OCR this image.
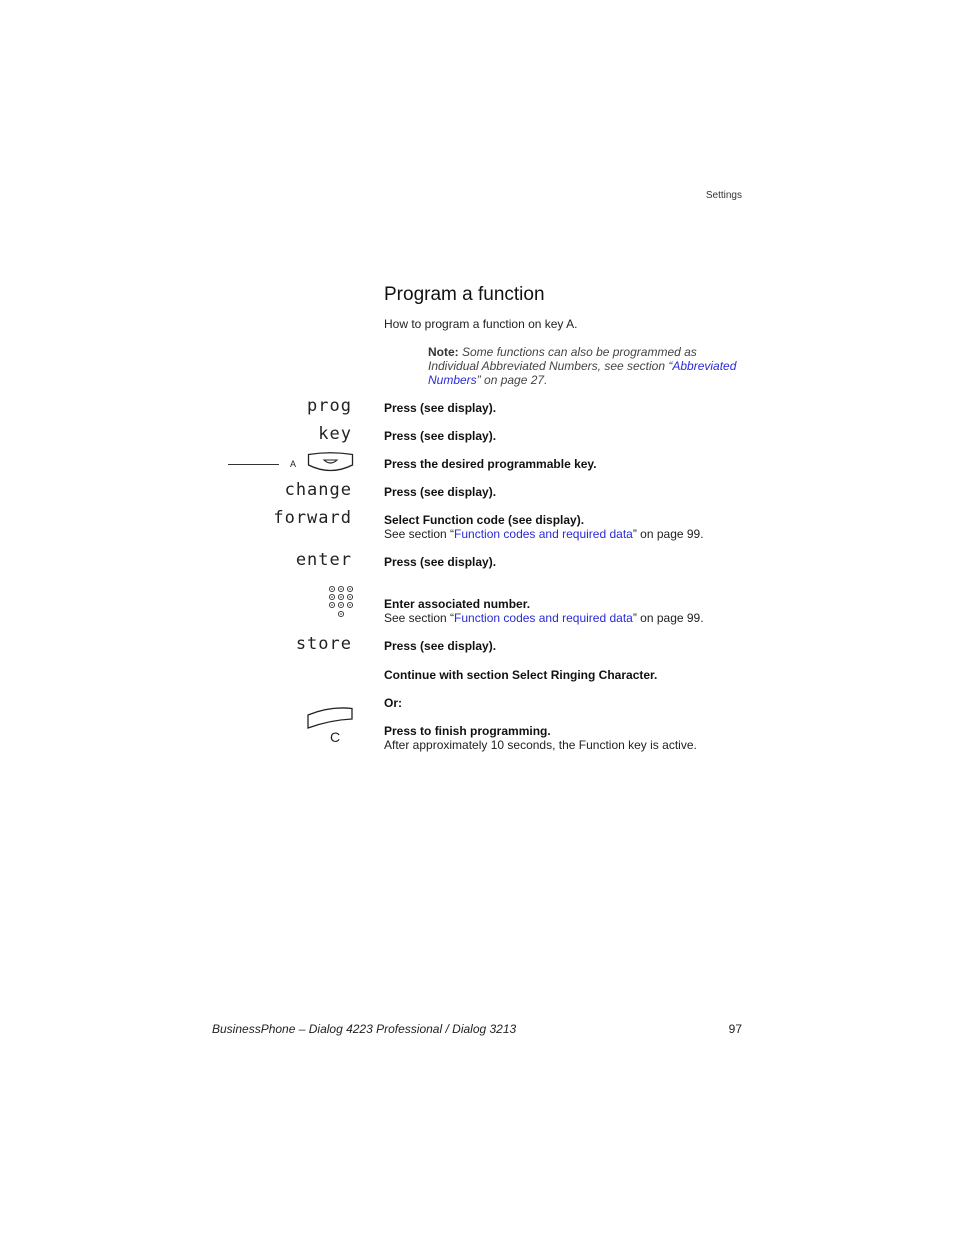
Settings
Program a function
How to program a function on key A.
Note: Some functions can also be programmed as Individual Abbreviated Numbers, see section “Abbreviated Numbers” on page 27.
prog	Press (see display).
key	Press (see display).
A	Press the desired programmable key.
change	Press (see display).
forward	Select Function code (see display).
See section “Function codes and required data” on page 99.
enter	Press (see display).
Enter associated number.
See section “Function codes and required data” on page 99.
store	Press (see display).
Continue with section Select Ringing Character.
Or:
C	Press to finish programming.
After approximately 10 seconds, the Function key is active.
BusinessPhone – Dialog 4223 Professional / Dialog 3213	97
